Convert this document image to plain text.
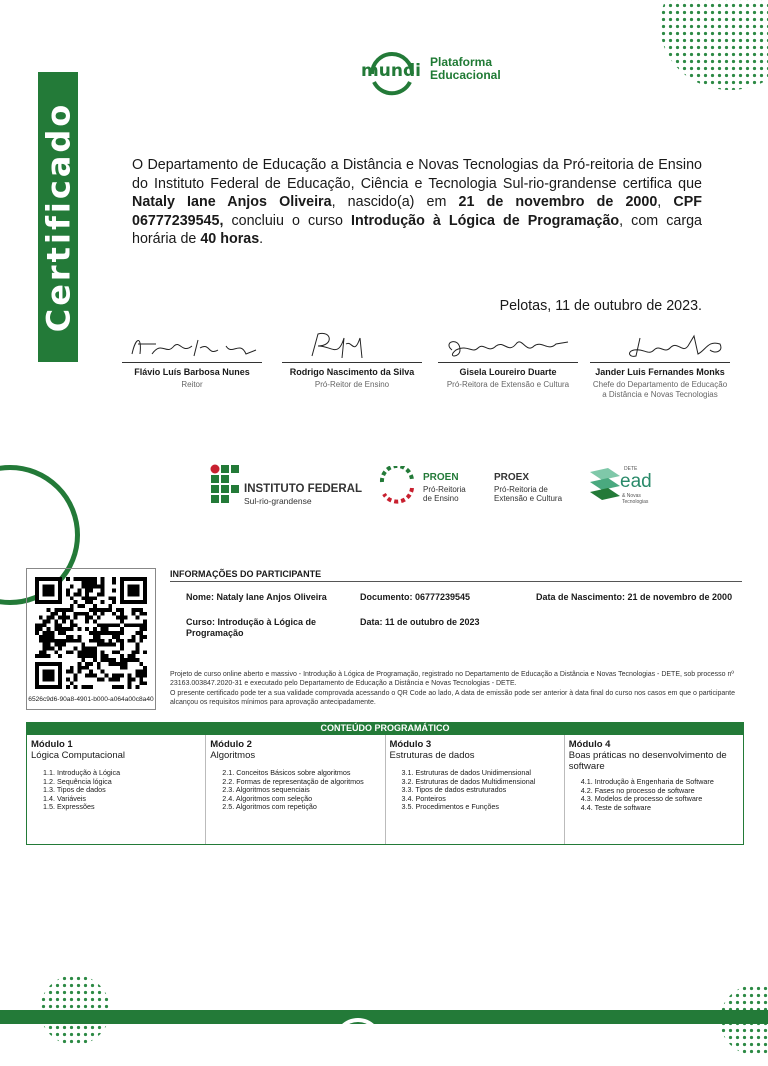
Certificado
mundi Plataforma
Educacional
O Departamento de Educação a Distância e Novas Tecnologias da Pró-reitoria de Ensino do Instituto Federal de Educação, Ciência e Tecnologia Sul-rio-grandense certifica que Nataly Iane Anjos Oliveira, nascido(a) em 21 de novembro de 2000, CPF 06777239545, concluiu o curso Introdução à Lógica de Programação, com carga horária de 40 horas.
Pelotas, 11 de outubro de 2023.
Flávio Luís Barbosa Nunes
Reitor
Rodrigo Nascimento da Silva
Pró-Reitor de Ensino
Gisela Loureiro Duarte
Pró-Reitora de Extensão e Cultura
Jander Luis Fernandes Monks
Chefe do Departamento de Educação
a Distância e Novas Tecnologias
INSTITUTO FEDERAL
Sul-rio-grandense
PROEN
Pró-Reitoria
de Ensino
PROEX
Pró-Reitoria de
Extensão e Cultura
DETE
ead
& Novas
Tecnologias
6526c9d6-90a8-4901-b000-a064a00c8a40
INFORMAÇÕES DO PARTICIPANTE
Nome: Nataly Iane Anjos Oliveira	Documento: 06777239545	Data de Nascimento: 21 de novembro de 2000
Curso: Introdução à Lógica de
Programação
Data: 11 de outubro de 2023
Projeto de curso online aberto e massivo - Introdução à Lógica de Programação, registrado no Departamento de Educação a Distância e Novas Tecnologias - DETE, sob processo nº 23163.003847.2020-31 e executado pelo Departamento de Educação a Distância e Novas Tecnologias - DETE.
O presente certificado pode ter a sua validade comprovada acessando o QR Code ao lado, A data de emissão pode ser anterior à data final do curso nos casos em que o participante alcançou os requisitos mínimos para aprovação antecipadamente.
CONTEÚDO PROGRAMÁTICO
Módulo 1
Lógica Computacional
1.1. Introdução à Lógica
1.2. Sequência lógica
1.3. Tipos de dados
1.4. Variáveis
1.5. Expressões
Módulo 2
Algoritmos
2.1. Conceitos Básicos sobre algoritmos
2.2. Formas de representação de algoritmos
2.3. Algoritmos sequenciais
2.4. Algoritmos com seleção
2.5. Algoritmos com repetição
Módulo 3
Estruturas de dados
3.1. Estruturas de dados Unidimensional
3.2. Estruturas de dados Multidimensional
3.3. Tipos de dados estruturados
3.4. Ponteiros
3.5. Procedimentos e Funções
Módulo 4
Boas práticas no desenvolvimento de software
4.1. Introdução à Engenharia de Software
4.2. Fases no processo de software
4.3. Modelos de processo de software
4.4. Teste de software
